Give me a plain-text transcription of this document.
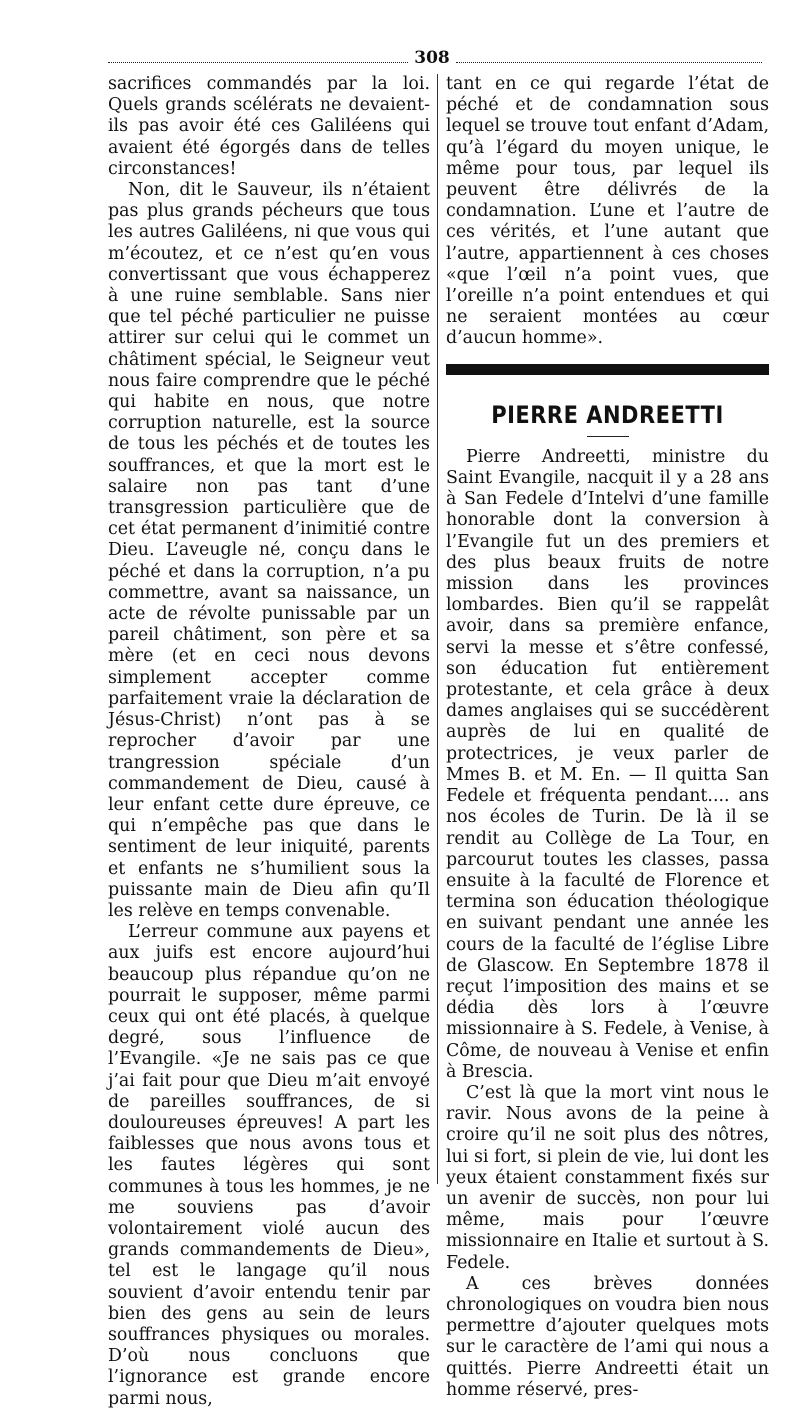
308

sacrifices commandés par la loi. Quels grands scélérats ne devaient-ils pas avoir été ces Galiléens qui avaient été égorgés dans de telles circonstances!

Non, dit le Sauveur, ils n’étaient pas plus grands pécheurs que tous les autres Galiléens, ni que vous qui m’écoutez, et ce n’est qu’en vous convertissant que vous échapperez à une ruine semblable. Sans nier que tel péché particulier ne puisse attirer sur celui qui le commet un châtiment spécial, le Seigneur veut nous faire comprendre que le péché qui habite en nous, que notre corruption naturelle, est la source de tous les péchés et de toutes les souffrances, et que la mort est le salaire non pas tant d’une transgression particulière que de cet état permanent d’inimitié contre Dieu. L’aveugle né, conçu dans le péché et dans la corruption, n’a pu commettre, avant sa naissance, un acte de révolte punissable par un pareil châtiment, son père et sa mère (et en ceci nous devons simplement accepter comme parfaitement vraie la déclaration de Jésus-Christ) n’ont pas à se reprocher d’avoir par une trangression spéciale d’un commandement de Dieu, causé à leur enfant cette dure épreuve, ce qui n’empêche pas que dans le sentiment de leur iniquité, parents et enfants ne s’humilient sous la puissante main de Dieu afin qu’Il les relève en temps convenable.

L’erreur commune aux payens et aux juifs est encore aujourd’hui beaucoup plus répandue qu’on ne pourrait le supposer, même parmi ceux qui ont été placés, à quelque degré, sous l’influence de l’Evangile. «Je ne sais pas ce que j’ai fait pour que Dieu m’ait envoyé de pareilles souffrances, de si douloureuses épreuves! A part les faiblesses que nous avons tous et les fautes légères qui sont communes à tous les hommes, je ne me souviens pas d’avoir volontairement violé aucun des grands commandements de Dieu», tel est le langage qu’il nous souvient d’avoir entendu tenir par bien des gens au sein de leurs souffrances physiques ou morales. D’où nous concluons que l’ignorance est grande encore parmi nous,

tant en ce qui regarde l’état de péché et de condamnation sous lequel se trouve tout enfant d’Adam, qu’à l’égard du moyen unique, le même pour tous, par lequel ils peuvent être délivrés de la condamnation. L’une et l’autre de ces vérités, et l’une autant que l’autre, appartiennent à ces choses «que l’œil n’a point vues, que l’oreille n’a point entendues et qui ne seraient montées au cœur d’aucun homme».

PIERRE ANDREETTI

Pierre Andreetti, ministre du Saint Evangile, nacquit il y a 28 ans à San Fedele d’Intelvi d’une famille honorable dont la conversion à l’Evangile fut un des premiers et des plus beaux fruits de notre mission dans les provinces lombardes. Bien qu’il se rappelât avoir, dans sa première enfance, servi la messe et s’être confessé, son éducation fut entièrement protestante, et cela grâce à deux dames anglaises qui se succédèrent auprès de lui en qualité de protectrices, je veux parler de Mmes B. et M. En. — Il quitta San Fedele et fréquenta pendant.... ans nos écoles de Turin. De là il se rendit au Collège de La Tour, en parcourut toutes les classes, passa ensuite à la faculté de Florence et termina son éducation théologique en suivant pendant une année les cours de la faculté de l’église Libre de Glascow. En Septembre 1878 il reçut l’imposition des mains et se dédia dès lors à l’œuvre missionnaire à S. Fedele, à Venise, à Côme, de nouveau à Venise et enfin à Brescia.

C’est là que la mort vint nous le ravir. Nous avons de la peine à croire qu’il ne soit plus des nôtres, lui si fort, si plein de vie, lui dont les yeux étaient constamment fixés sur un avenir de succès, non pour lui même, mais pour l’œuvre missionnaire en Italie et surtout à S. Fedele.

A ces brèves données chronologiques on voudra bien nous permettre d’ajouter quelques mots sur le caractère de l’ami qui nous a quittés. Pierre Andreetti était un homme réservé, pres-
